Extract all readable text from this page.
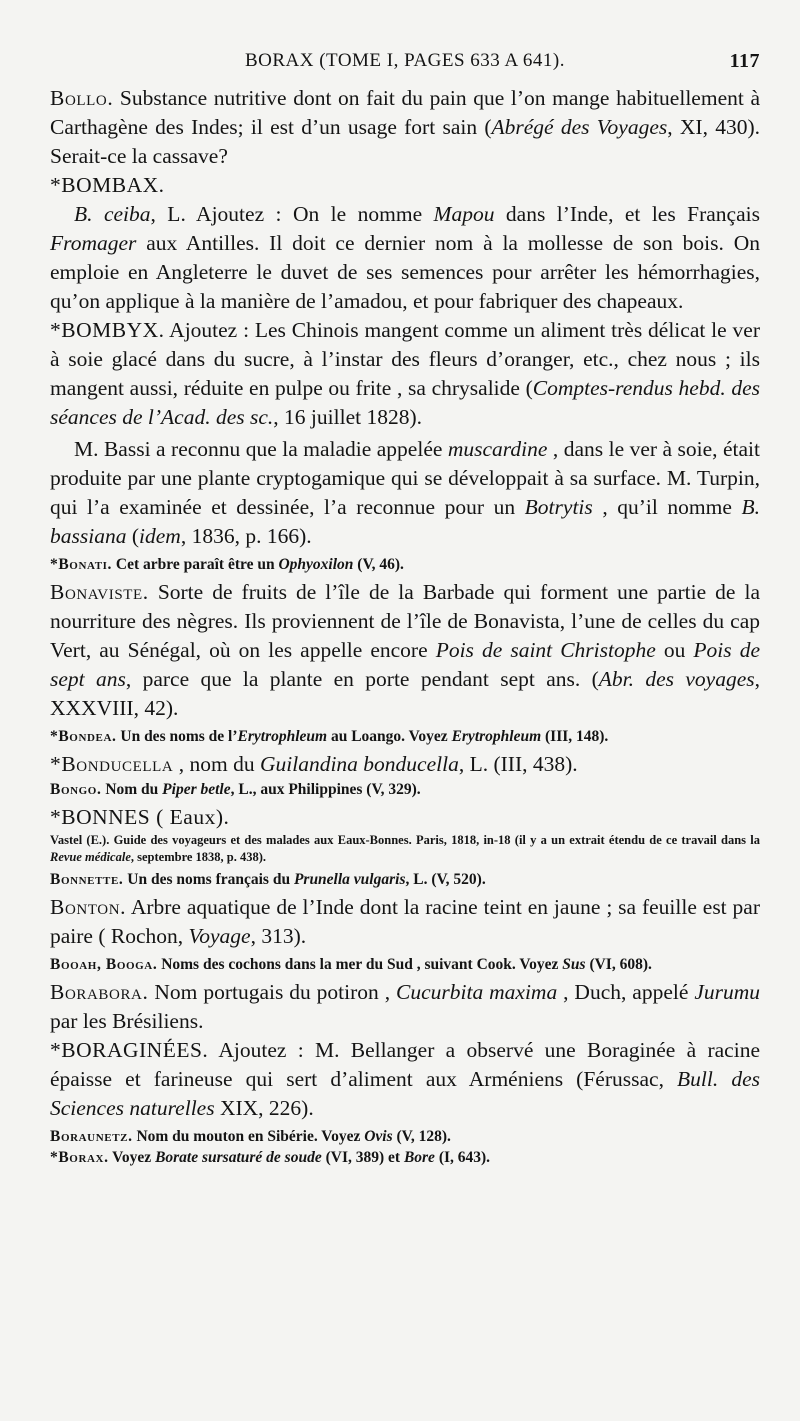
BORAX (TOME I, PAGES 633 A 641).	117

Bollo. Substance nutritive dont on fait du pain que l’on mange habituellement à Carthagène des Indes; il est d’un usage fort sain (Abrégé des Voyages, XI, 430). Serait-ce la cassave?

*BOMBAX.

B. ceiba, L. Ajoutez : On le nomme Mapou dans l’Inde, et les Français Fromager aux Antilles. Il doit ce dernier nom à la mollesse de son bois. On emploie en Angleterre le duvet de ses semences pour arrêter les hémorrhagies, qu’on applique à la manière de l’amadou, et pour fabriquer des chapeaux.

*BOMBYX. Ajoutez : Les Chinois mangent comme un aliment très délicat le ver à soie glacé dans du sucre, à l’instar des fleurs d’oranger, etc., chez nous ; ils mangent aussi, réduite en pulpe ou frite , sa chrysalide (Comptes-rendus hebd. des séances de l’Acad. des sc., 16 juillet 1828).

M. Bassi a reconnu que la maladie appelée muscardine , dans le ver à soie, était produite par une plante cryptogamique qui se développait à sa surface. M. Turpin, qui l’a examinée et dessinée, l’a reconnue pour un Botrytis , qu’il nomme B. bassiana (idem, 1836, p. 166).

*Bonati. Cet arbre paraît être un Ophyoxilon (V, 46).

Bonaviste. Sorte de fruits de l’île de la Barbade qui forment une partie de la nourriture des nègres. Ils proviennent de l’île de Bonavista, l’une de celles du cap Vert, au Sénégal, où on les appelle encore Pois de saint Christophe ou Pois de sept ans, parce que la plante en porte pendant sept ans. (Abr. des voyages, XXXVIII, 42).

*Bondea. Un des noms de l’Erytrophleum au Loango. Voyez Erytrophleum (III, 148).

*Bonducella , nom du Guilandina bonducella, L. (III, 438).

Bongo. Nom du Piper betle, L., aux Philippines (V, 329).

*BONNES ( Eaux).

Vastel (E.). Guide des voyageurs et des malades aux Eaux-Bonnes. Paris, 1818, in-18 (il y a un extrait étendu de ce travail dans la Revue médicale, septembre 1838, p. 438).

Bonnette. Un des noms français du Prunella vulgaris, L. (V, 520).

Bonton. Arbre aquatique de l’Inde dont la racine teint en jaune ; sa feuille est par paire ( Rochon, Voyage, 313).

Booah, Booga. Noms des cochons dans la mer du Sud , suivant Cook. Voyez Sus (VI, 608).

Borabora. Nom portugais du potiron , Cucurbita maxima , Duch, appelé Jurumu par les Brésiliens.

*BORAGINÉES. Ajoutez : M. Bellanger a observé une Boraginée à racine épaisse et farineuse qui sert d’aliment aux Arméniens (Férussac, Bull. des Sciences naturelles XIX, 226).

Boraunetz. Nom du mouton en Sibérie. Voyez Ovis (V, 128).

*Borax. Voyez Borate sursaturé de soude (VI, 389) et Bore (I, 643).
